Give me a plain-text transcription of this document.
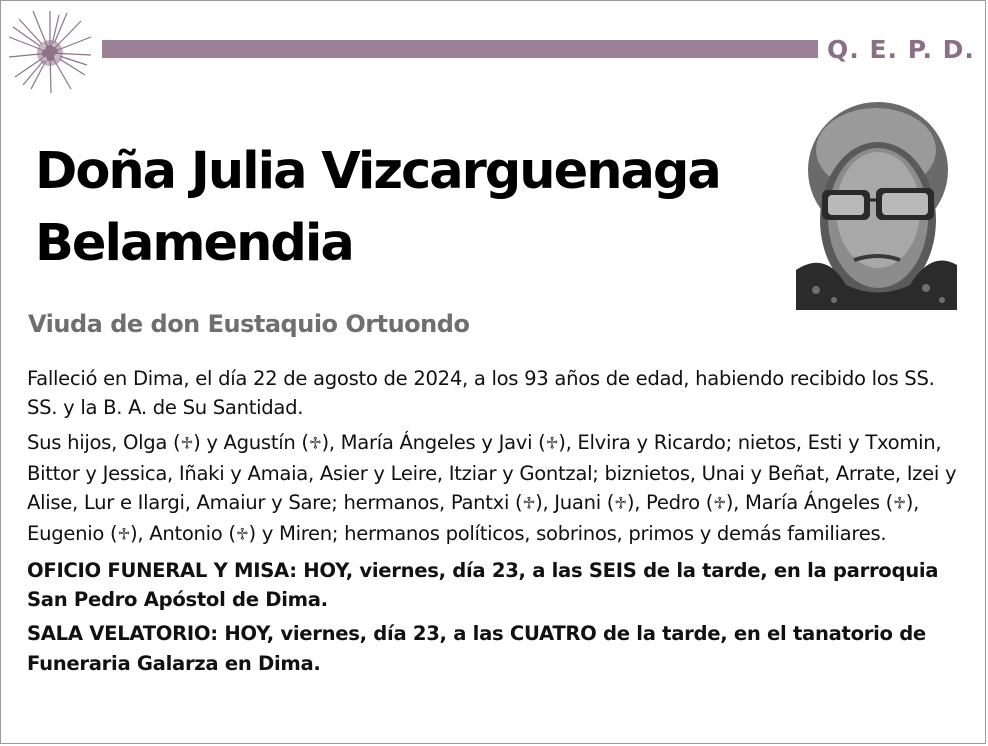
Q. E. P. D.
Doña Julia Vizcarguenaga
Belamendia
Viuda de don Eustaquio Ortuondo

Falleció en Dima, el día 22 de agosto de 2024, a los 93 años de edad, habiendo recibido los SS. SS. y la B. A. de Su Santidad.

Sus hijos, Olga (♱) y Agustín (♱), María Ángeles y Javi (♱), Elvira y Ricardo; nietos, Esti y Txomin, Bittor y Jessica, Iñaki y Amaia, Asier y Leire, Itziar y Gontzal; biznietos, Unai y Beñat, Arrate, Izei y Alise, Lur e Ilargi, Amaiur y Sare; hermanos, Pantxi (♱), Juani (♱), Pedro (♱), María Ángeles (♱), Eugenio (♱), Antonio (♱) y Miren; hermanos políticos, sobrinos, primos y demás familiares.

OFICIO FUNERAL Y MISA: HOY, viernes, día 23, a las SEIS de la tarde, en la parroquia San Pedro Apóstol de Dima.

SALA VELATORIO: HOY, viernes, día 23, a las CUATRO de la tarde, en el tanatorio de Funeraria Galarza en Dima.
